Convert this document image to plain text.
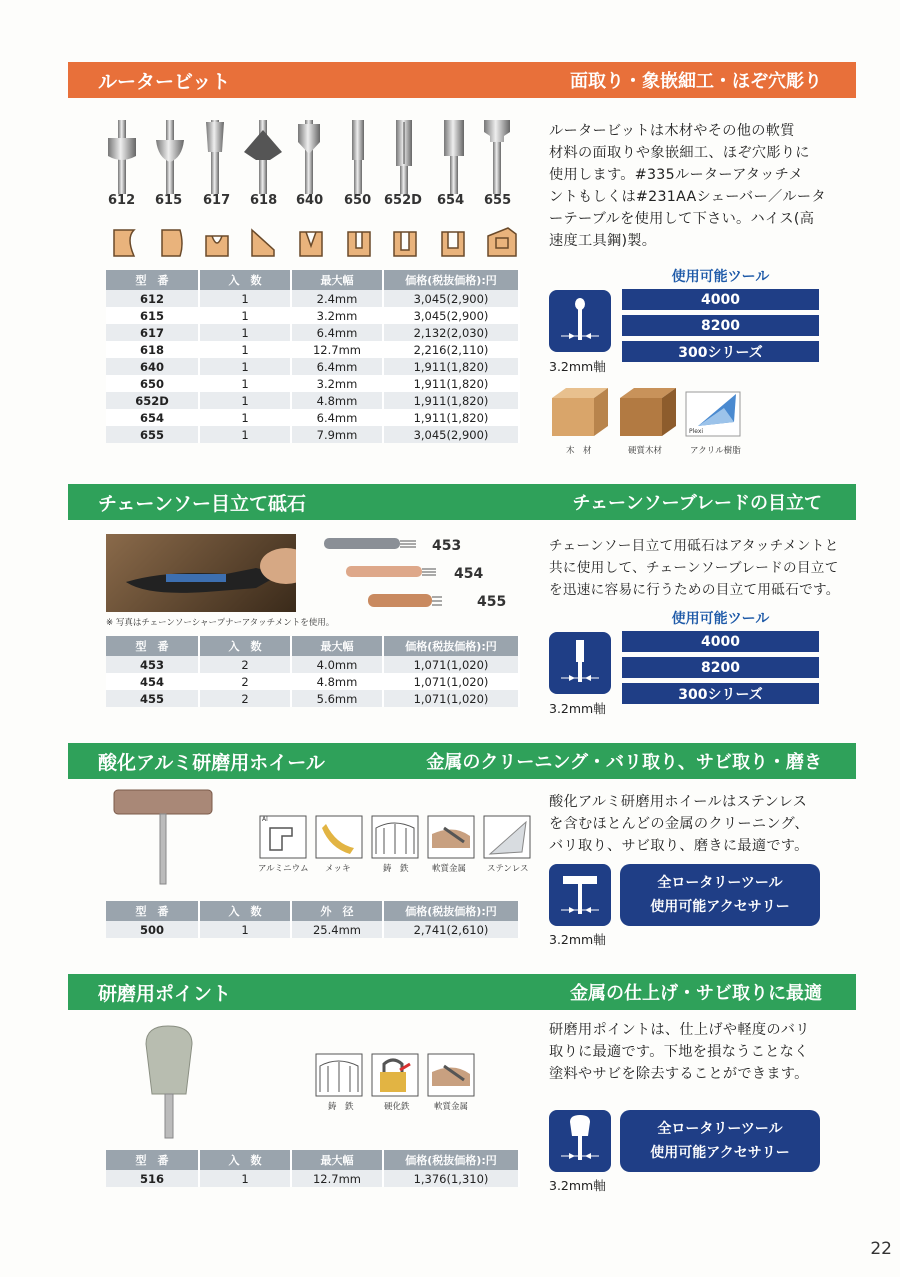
ルータービット	面取り・象嵌細工・ほぞ穴彫り
612 615 617 618 640 650 652D 654 655
型　番	入　数	最大幅	価格(税抜価格):円
612	1	2.4mm	3,045(2,900)
615	1	3.2mm	3,045(2,900)
617	1	6.4mm	2,132(2,030)
618	1	12.7mm	2,216(2,110)
640	1	6.4mm	1,911(1,820)
650	1	3.2mm	1,911(1,820)
652D	1	4.8mm	1,911(1,820)
654	1	6.4mm	1,911(1,820)
655	1	7.9mm	3,045(2,900)
ルータービットは木材やその他の軟質
材料の面取りや象嵌細工、ほぞ穴彫りに
使用します。#335ルーターアタッチメ
ントもしくは#231AAシェーバー／ルータ
ーテーブルを使用して下さい。ハイス(高
速度工具鋼)製。
使用可能ツール
4000
8200
300シリーズ
3.2mm軸
Plexi
木　材	硬質木材	アクリル樹脂
チェーンソー目立て砥石	チェーンソーブレードの目立て
※ 写真はチェーンソーシャープナーアタッチメントを使用。
453
454
455
型　番	入　数	最大幅	価格(税抜価格):円
453	2	4.0mm	1,071(1,020)
454	2	4.8mm	1,071(1,020)
455	2	5.6mm	1,071(1,020)
チェーンソー目立て用砥石はアタッチメントと
共に使用して、チェーンソーブレードの目立て
を迅速に容易に行うための目立て用砥石です。
使用可能ツール
4000
8200
300シリーズ
3.2mm軸
酸化アルミ研磨用ホイール	金属のクリーニング・バリ取り、サビ取り・磨き
Al
アルミニウム メッキ	鋳　鉄	軟質金属 ステンレス
型　番	入　数	外　径	価格(税抜価格):円
500	1	25.4mm	2,741(2,610)
酸化アルミ研磨用ホイールはステンレス
を含むほとんどの金属のクリーニング、
バリ取り、サビ取り、磨きに最適です。
3.2mm軸
全ロータリーツール
使用可能アクセサリー
研磨用ポイント	金属の仕上げ・サビ取りに最適
鋳　鉄	硬化鉄	軟質金属
型　番	入　数	最大幅	価格(税抜価格):円
516	1	12.7mm	1,376(1,310)
研磨用ポイントは、仕上げや軽度のバリ
取りに最適です。下地を損なうことなく
塗料やサビを除去することができます。
3.2mm軸
全ロータリーツール
使用可能アクセサリー
22
